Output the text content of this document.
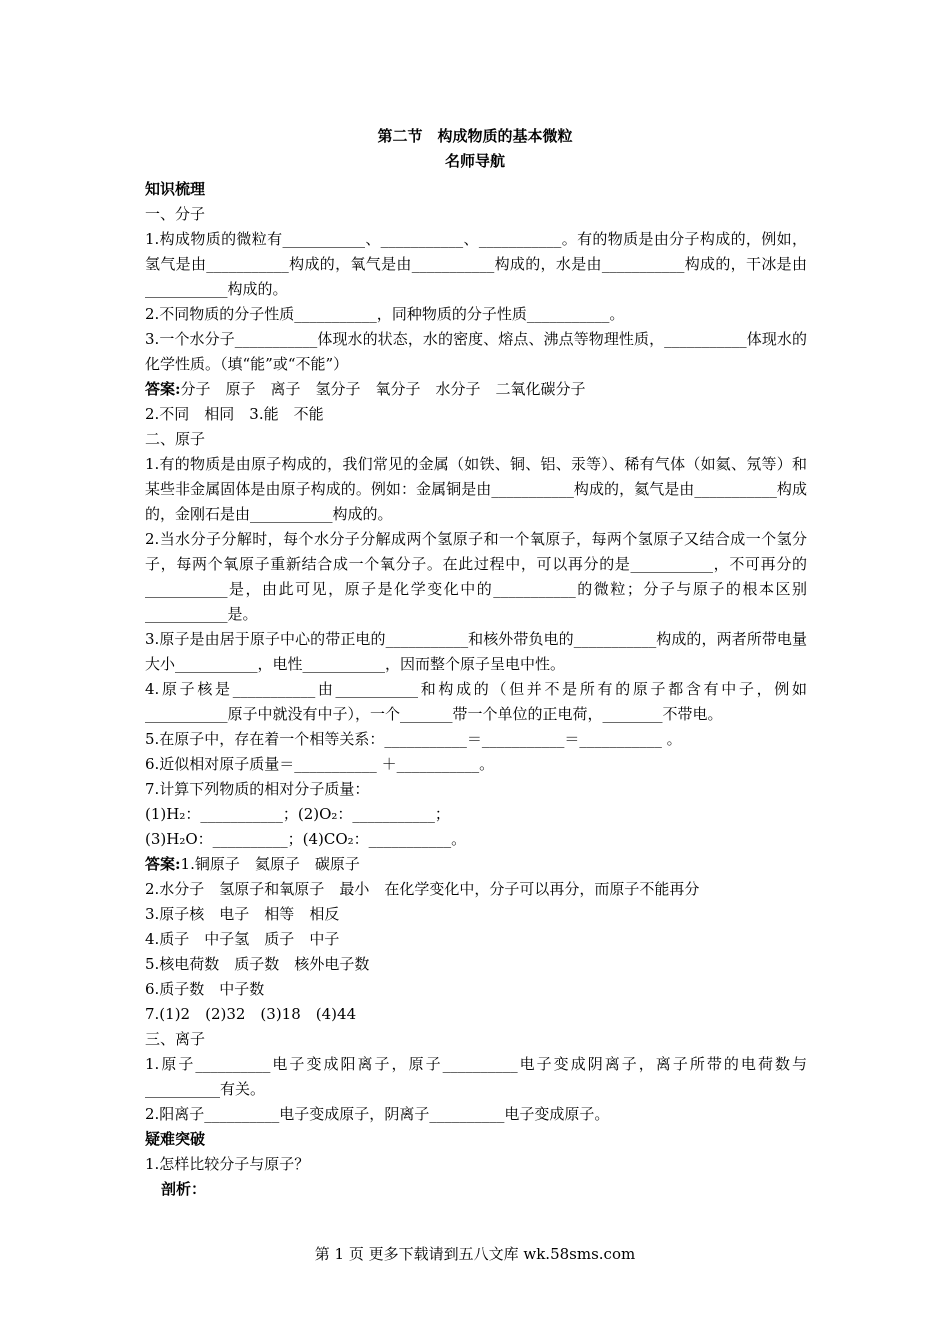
第二节　构成物质的基本微粒
名师导航

知识梳理

一、分子

1.构成物质的微粒有___________、___________、___________。有的物质是由分子构成的，例如，氢气是由___________构成的，氧气是由___________构成的，水是由___________构成的，干冰是由___________构成的。

2.不同物质的分子性质___________，同种物质的分子性质___________。

3.一个水分子___________体现水的状态，水的密度、熔点、沸点等物理性质，___________体现水的化学性质。（填“能”或“不能”）

答案:分子　原子　离子　氢分子　氧分子　水分子　二氧化碳分子

2.不同　相同　3.能　不能

二、原子

1.有的物质是由原子构成的，我们常见的金属（如铁、铜、铝、汞等）、稀有气体（如氦、氖等）和某些非金属固体是由原子构成的。例如：金属铜是由___________构成的，氦气是由___________构成的，金刚石是由___________构成的。

2.当水分子分解时，每个水分子分解成两个氢原子和一个氧原子，每两个氢原子又结合成一个氢分子，每两个氧原子重新结合成一个氧分子。在此过程中，可以再分的是___________，不可再分的___________是，由此可见，原子是化学变化中的___________的微粒；分子与原子的根本区别___________是。

3.原子是由居于原子中心的带正电的___________和核外带负电的___________构成的，两者所带电量大小___________，电性___________，因而整个原子呈电中性。

4.原子核是___________由___________和构成的（但并不是所有的原子都含有中子，例如___________原子中就没有中子），一个_______带一个单位的正电荷，________不带电。

5.在原子中，存在着一个相等关系：___________＝___________＝___________ 。

6.近似相对原子质量＝___________ ＋___________。

7.计算下列物质的相对分子质量：

(1)H₂：___________；(2)O₂：___________；

(3)H₂O：__________；(4)CO₂：___________。

答案:1.铜原子　氦原子　碳原子

2.水分子　氢原子和氧原子　最小　在化学变化中，分子可以再分，而原子不能再分

3.原子核　电子　相等　相反

4.质子　中子氢　质子　中子

5.核电荷数　质子数　核外电子数

6.质子数　中子数

7.(1)2　(2)32　(3)18　(4)44

三、离子

1.原子__________电子变成阳离子，原子__________电子变成阴离子，离子所带的电荷数与　__________有关。

2.阳离子__________电子变成原子，阴离子__________电子变成原子。

疑难突破

1.怎样比较分子与原子？

剖析：

第 1 页 更多下载请到五八文库 wk.58sms.com
